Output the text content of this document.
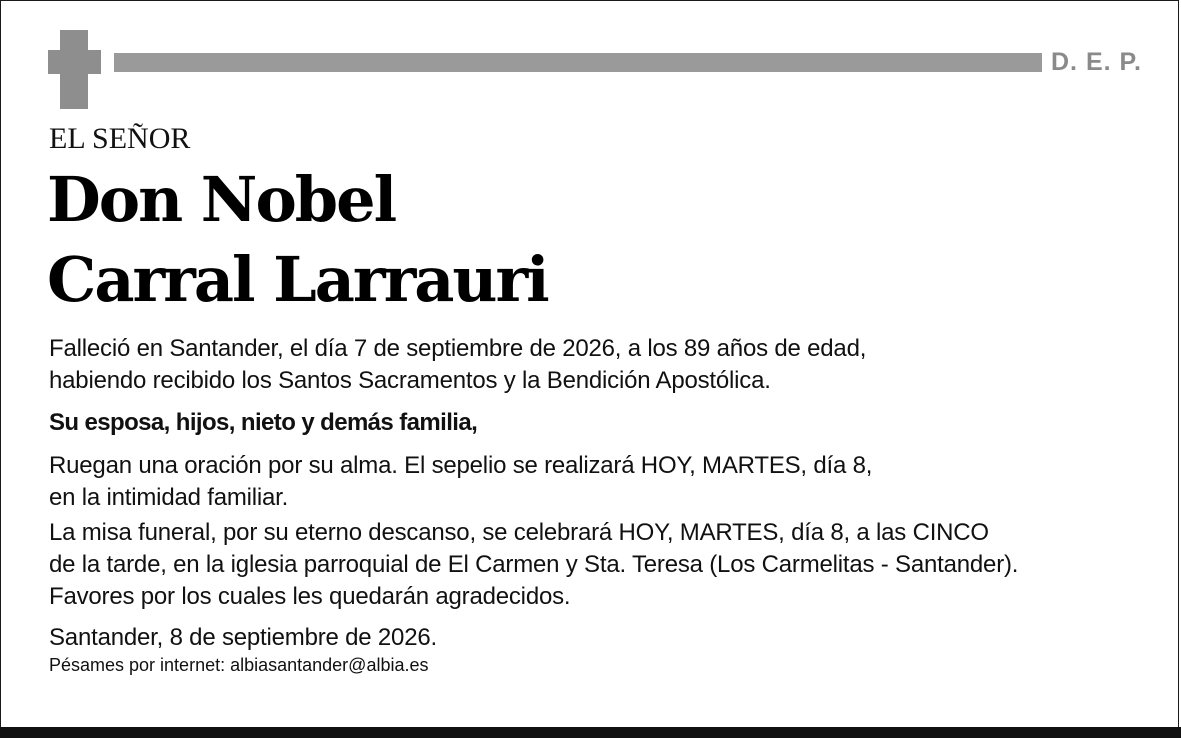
D. E. P.
EL SEÑOR
Don Nobel
Carral Larrauri
Falleció en Santander, el día 7 de septiembre de 2026, a los 89 años de edad,
habiendo recibido los Santos Sacramentos y la Bendición Apostólica.
Su esposa, hijos, nieto y demás familia,
Ruegan una oración por su alma. El sepelio se realizará HOY, MARTES, día 8,
en la intimidad familiar.
La misa funeral, por su eterno descanso, se celebrará HOY, MARTES, día 8, a las CINCO
de la tarde, en la iglesia parroquial de El Carmen y Sta. Teresa (Los Carmelitas - Santander).
Favores por los cuales les quedarán agradecidos.
Santander, 8 de septiembre de 2026.
Pésames por internet: albiasantander@albia.es
